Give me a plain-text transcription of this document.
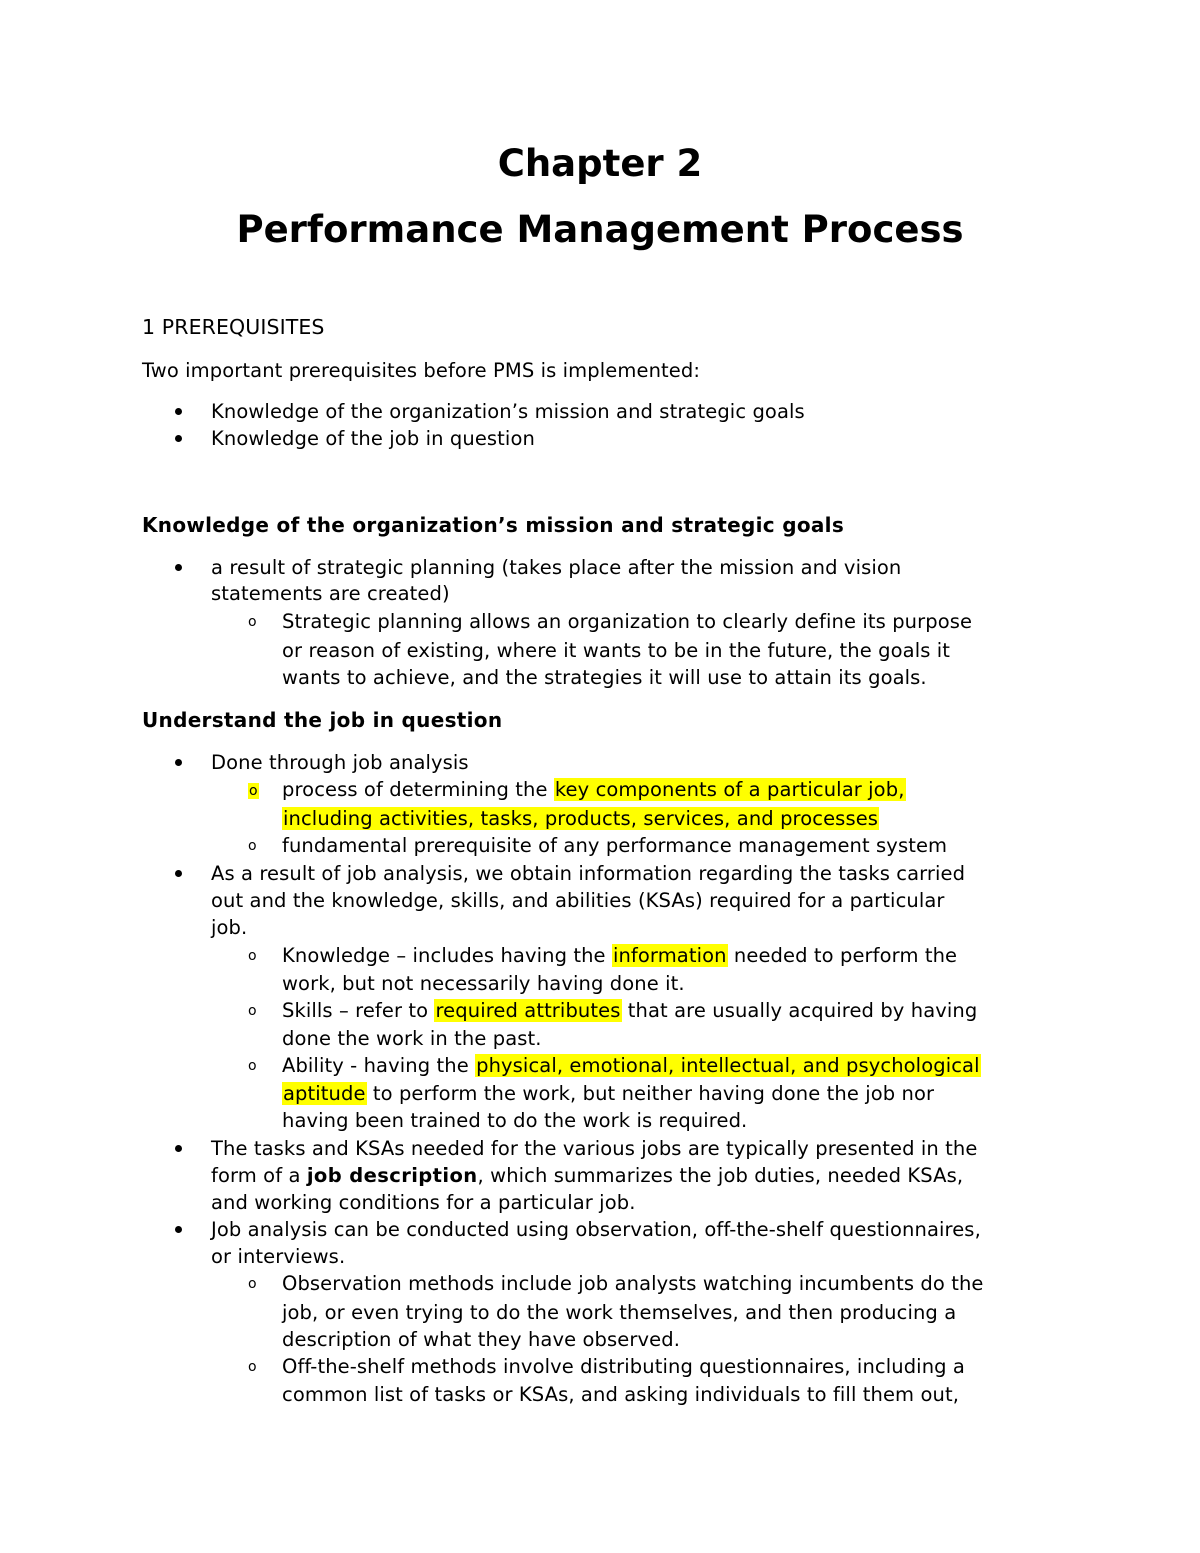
Chapter 2
Performance Management Process
1 PREREQUISITES
Two important prerequisites before PMS is implemented:
Knowledge of the organization’s mission and strategic goals
Knowledge of the job in question
Knowledge of the organization’s mission and strategic goals
a result of strategic planning (takes place after the mission and vision
statements are created)
o Strategic planning allows an organization to clearly define its purpose
or reason of existing, where it wants to be in the future, the goals it
wants to achieve, and the strategies it will use to attain its goals.
Understand the job in question
Done through job analysis
o process of determining the key components of a particular job,
including activities, tasks, products, services, and processes
o fundamental prerequisite of any performance management system
As a result of job analysis, we obtain information regarding the tasks carried
out and the knowledge, skills, and abilities (KSAs) required for a particular
job.
o Knowledge – includes having the information needed to perform the
work, but not necessarily having done it.
o Skills – refer to required attributes that are usually acquired by having
done the work in the past.
o Ability - having the physical, emotional, intellectual, and psychological
aptitude to perform the work, but neither having done the job nor
having been trained to do the work is required.
The tasks and KSAs needed for the various jobs are typically presented in the
form of a job description, which summarizes the job duties, needed KSAs,
and working conditions for a particular job.
Job analysis can be conducted using observation, off-the-shelf questionnaires,
or interviews.
o Observation methods include job analysts watching incumbents do the
job, or even trying to do the work themselves, and then producing a
description of what they have observed.
o Off-the-shelf methods involve distributing questionnaires, including a
common list of tasks or KSAs, and asking individuals to fill them out,
